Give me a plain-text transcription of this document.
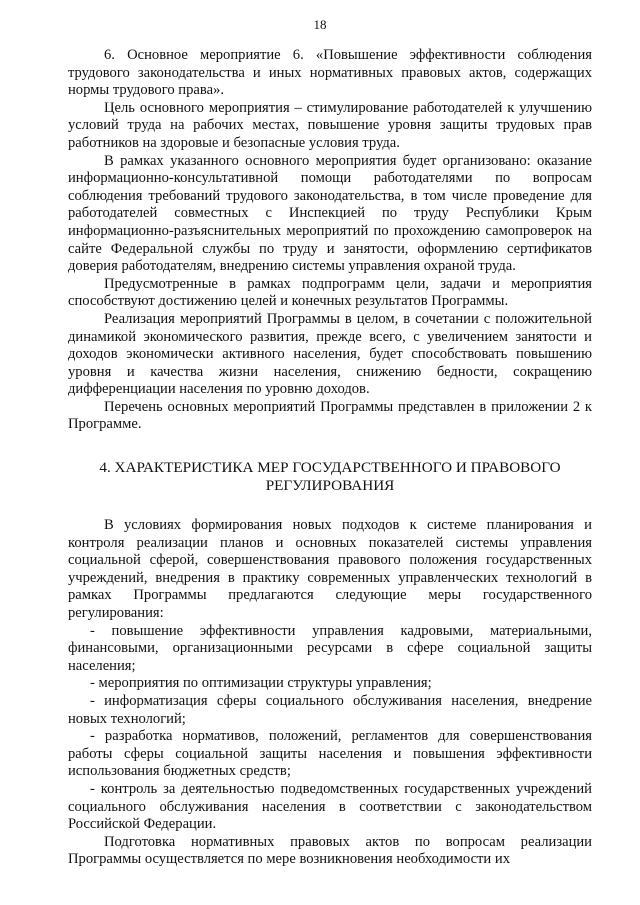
18

6. Основное мероприятие 6. «Повышение эффективности соблюдения трудового законодательства и иных нормативных правовых актов, содержащих нормы трудового права».

Цель основного мероприятия – стимулирование работодателей к улучшению условий труда на рабочих местах, повышение уровня защиты трудовых прав работников на здоровые и безопасные условия труда.

В рамках указанного основного мероприятия будет организовано: оказание информационно-консультативной помощи работодателями по вопросам соблюдения требований трудового законодательства, в том числе проведение для работодателей совместных с Инспекцией по труду Республики Крым информационно-разъяснительных мероприятий по прохождению самопроверок на сайте Федеральной службы по труду и занятости, оформлению сертификатов доверия работодателям, внедрению системы управления охраной труда.

Предусмотренные в рамках подпрограмм цели, задачи и мероприятия способствуют достижению целей и конечных результатов Программы.

Реализация мероприятий Программы в целом, в сочетании с положительной динамикой экономического развития, прежде всего, с увеличением занятости и доходов экономически активного населения, будет способствовать повышению уровня и качества жизни населения, снижению бедности, сокращению дифференциации населения по уровню доходов.

Перечень основных мероприятий Программы представлен в приложении 2 к Программе.

4. ХАРАКТЕРИСТИКА МЕР ГОСУДАРСТВЕННОГО И ПРАВОВОГО
РЕГУЛИРОВАНИЯ

В условиях формирования новых подходов к системе планирования и контроля реализации планов и основных показателей системы управления социальной сферой, совершенствования правового положения государственных учреждений, внедрения в практику современных управленческих технологий в рамках Программы предлагаются следующие меры государственного регулирования:

- повышение эффективности управления кадровыми, материальными, финансовыми, организационными ресурсами в сфере социальной защиты населения;

- мероприятия по оптимизации структуры управления;

- информатизация сферы социального обслуживания населения, внедрение новых технологий;

- разработка нормативов, положений, регламентов для совершенствования работы сферы социальной защиты населения и повышения эффективности использования бюджетных средств;

- контроль за деятельностью подведомственных государственных учреждений социального обслуживания населения в соответствии с законодательством Российской Федерации.

Подготовка нормативных правовых актов по вопросам реализации Программы осуществляется по мере возникновения необходимости их
